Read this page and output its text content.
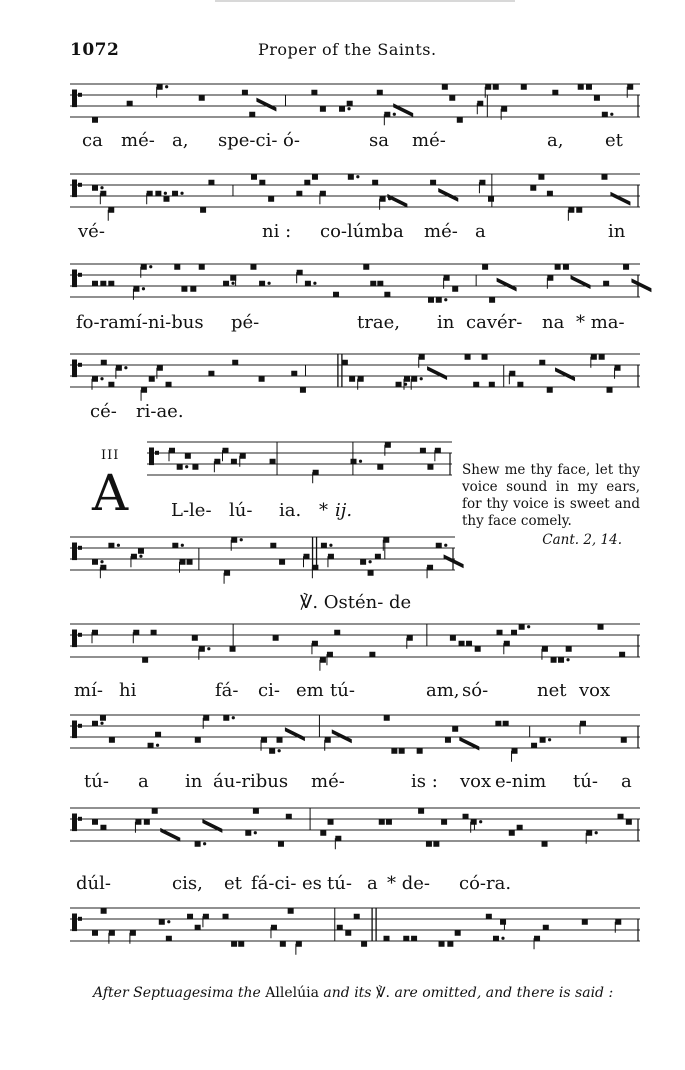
1072	Proper of the Saints.
ca mé- a, spe-ci- ó-	sa mé-	a, et
vé-	ni : co-lúmba mé- a	in
fo-ramí-ni-bus pé-	trae, in cavér- na * ma-
cé- ri-ae.
III
A L-le- lú- ia. * ij.
Shew me thy face, let thy voice sound in my ears, for thy voice is sweet and thy face comely.
Cant. 2, 14.
℣. Ostén- de
mí- hi	fá- ci- em tú-	am, só-	net vox
tú- a in áu-ribus mé-	is : vox e-nim tú- a
dúl-	cis, et fá-ci- es tú- a * de- có-ra.
After Septuagesima the Allelúia and its ℣. are omitted, and there is said :
